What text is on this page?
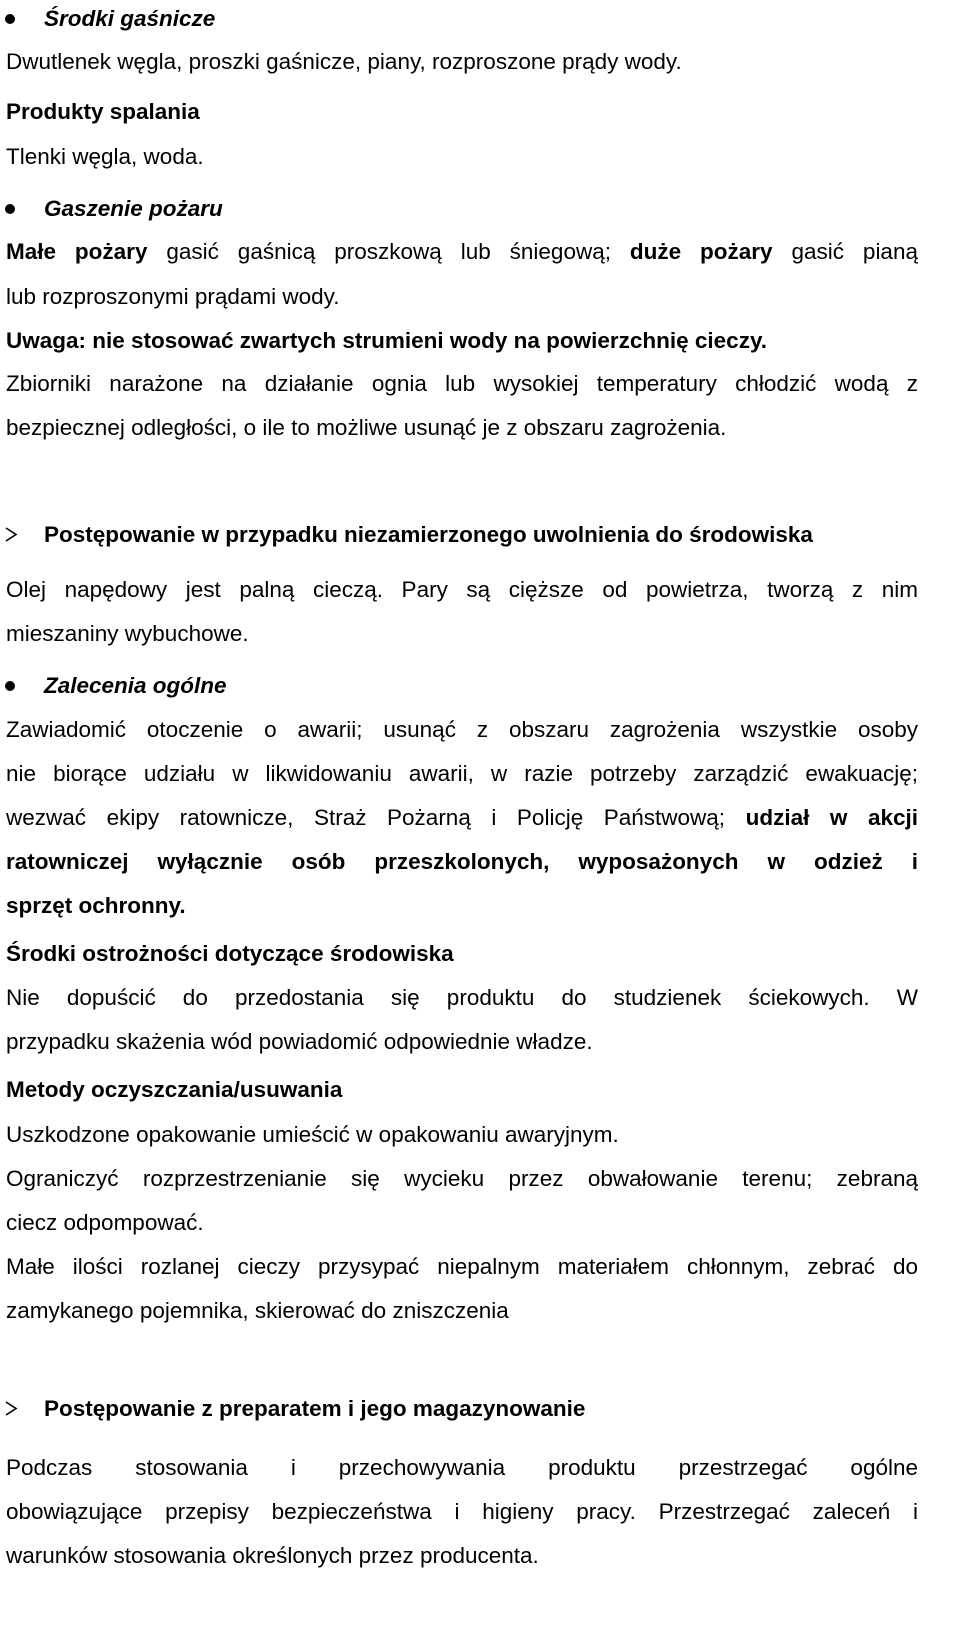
Środki gaśnicze
Dwutlenek węgla, proszki gaśnicze, piany, rozproszone prądy wody.
Produkty spalania
Tlenki węgla, woda.
Gaszenie pożaru
Małe pożary gasić gaśnicą proszkową lub śniegową; duże pożary gasić pianą
lub rozproszonymi prądami wody.
Uwaga: nie stosować zwartych strumieni wody na powierzchnię cieczy.
Zbiorniki narażone na działanie ognia lub wysokiej temperatury chłodzić wodą z
bezpiecznej odległości, o ile to możliwe usunąć je z obszaru zagrożenia.
Postępowanie w przypadku niezamierzonego uwolnienia do środowiska
Olej napędowy jest palną cieczą. Pary są cięższe od powietrza, tworzą z nim
mieszaniny wybuchowe.
Zalecenia ogólne
Zawiadomić otoczenie o awarii; usunąć z obszaru zagrożenia wszystkie osoby
nie biorące udziału w likwidowaniu awarii, w razie potrzeby zarządzić ewakuację;
wezwać ekipy ratownicze, Straż Pożarną i Policję Państwową; udział w akcji
ratowniczej wyłącznie osób przeszkolonych, wyposażonych w odzież i
sprzęt ochronny.
Środki ostrożności dotyczące środowiska
Nie dopuścić do przedostania się produktu do studzienek ściekowych. W
przypadku skażenia wód powiadomić odpowiednie władze.
Metody oczyszczania/usuwania
Uszkodzone opakowanie umieścić w opakowaniu awaryjnym.
Ograniczyć rozprzestrzenianie się wycieku przez obwałowanie terenu; zebraną
ciecz odpompować.
Małe ilości rozlanej cieczy przysypać niepalnym materiałem chłonnym, zebrać do
zamykanego pojemnika, skierować do zniszczenia
Postępowanie z preparatem i jego magazynowanie
Podczas stosowania i przechowywania produktu przestrzegać ogólne
obowiązujące przepisy bezpieczeństwa i higieny pracy. Przestrzegać zaleceń i
warunków stosowania określonych przez producenta.
